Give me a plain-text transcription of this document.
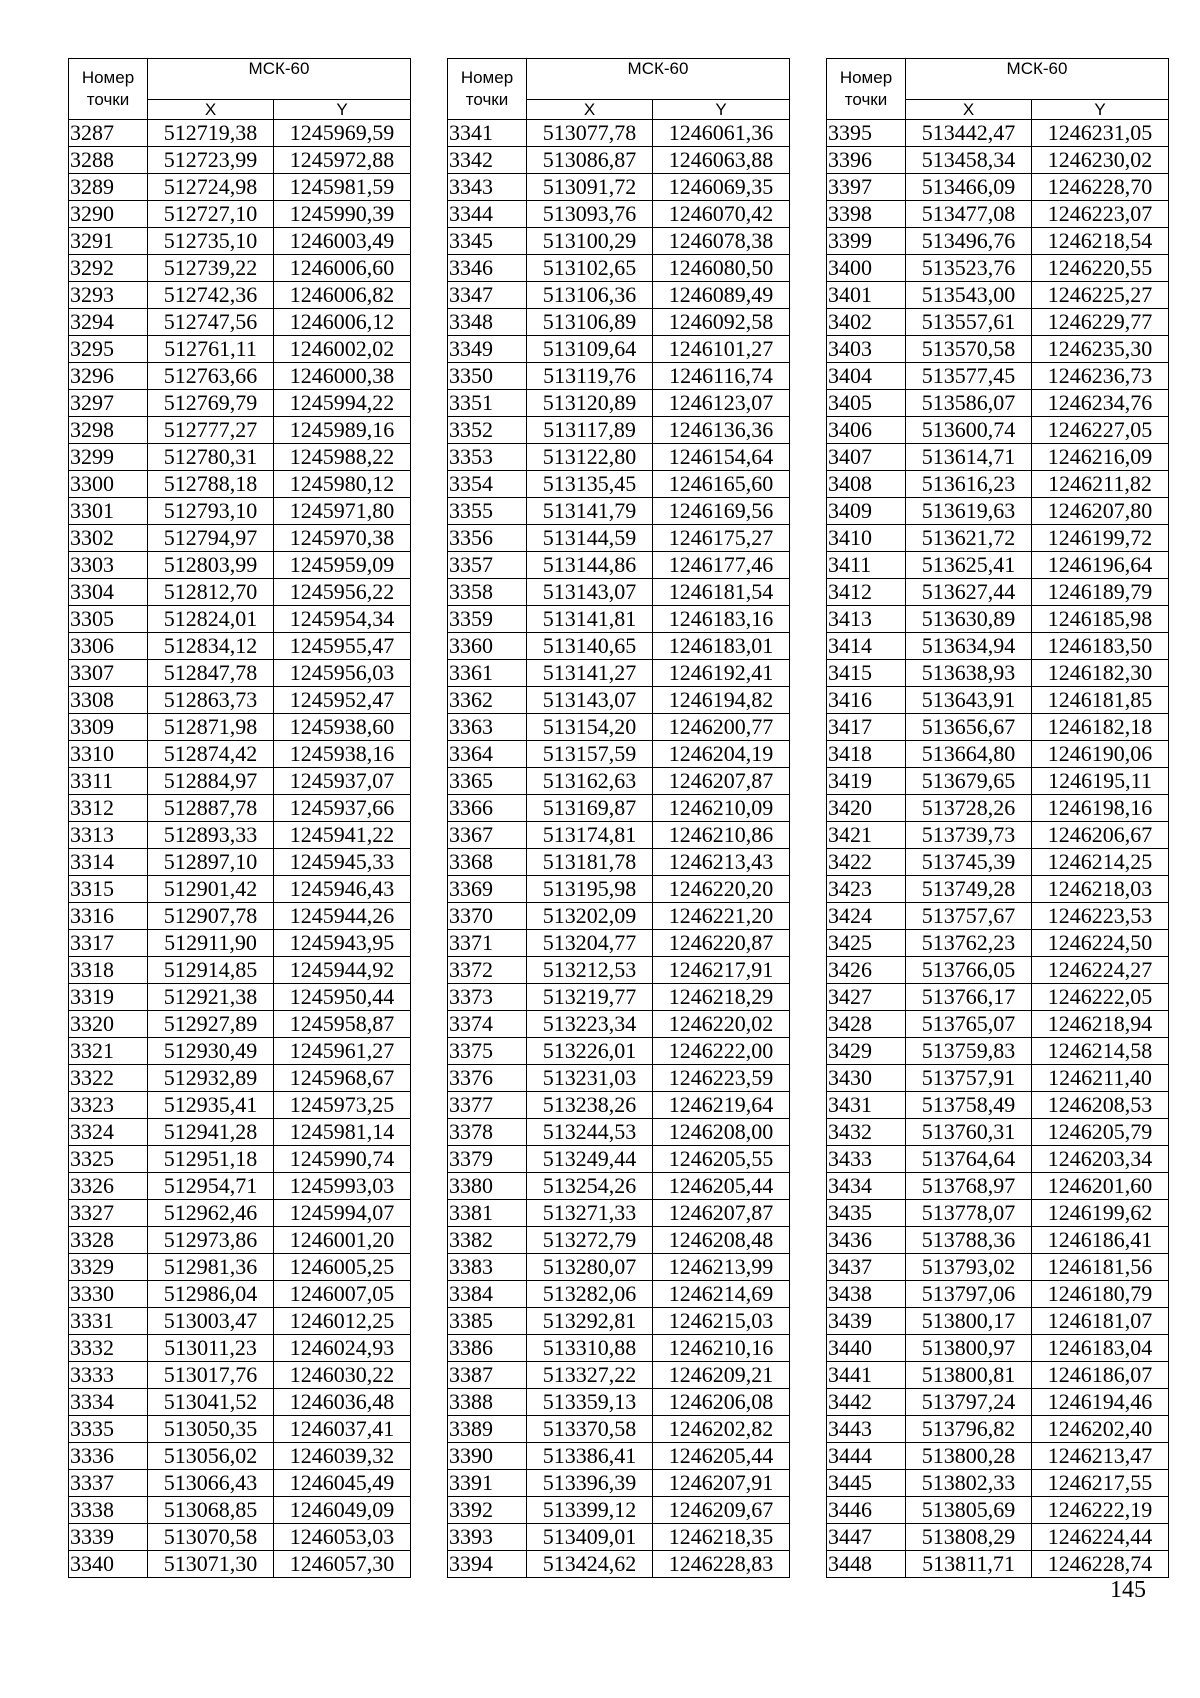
Номер
точки	МСК-60	
	X	Y
3287	512719,38	1245969,59
3288	512723,99	1245972,88
3289	512724,98	1245981,59
3290	512727,10	1245990,39
3291	512735,10	1246003,49
3292	512739,22	1246006,60
3293	512742,36	1246006,82
3294	512747,56	1246006,12
3295	512761,11	1246002,02
3296	512763,66	1246000,38
3297	512769,79	1245994,22
3298	512777,27	1245989,16
3299	512780,31	1245988,22
3300	512788,18	1245980,12
3301	512793,10	1245971,80
3302	512794,97	1245970,38
3303	512803,99	1245959,09
3304	512812,70	1245956,22
3305	512824,01	1245954,34
3306	512834,12	1245955,47
3307	512847,78	1245956,03
3308	512863,73	1245952,47
3309	512871,98	1245938,60
3310	512874,42	1245938,16
3311	512884,97	1245937,07
3312	512887,78	1245937,66
3313	512893,33	1245941,22
3314	512897,10	1245945,33
3315	512901,42	1245946,43
3316	512907,78	1245944,26
3317	512911,90	1245943,95
3318	512914,85	1245944,92
3319	512921,38	1245950,44
3320	512927,89	1245958,87
3321	512930,49	1245961,27
3322	512932,89	1245968,67
3323	512935,41	1245973,25
3324	512941,28	1245981,14
3325	512951,18	1245990,74
3326	512954,71	1245993,03
3327	512962,46	1245994,07
3328	512973,86	1246001,20
3329	512981,36	1246005,25
3330	512986,04	1246007,05
3331	513003,47	1246012,25
3332	513011,23	1246024,93
3333	513017,76	1246030,22
3334	513041,52	1246036,48
3335	513050,35	1246037,41
3336	513056,02	1246039,32
3337	513066,43	1246045,49
3338	513068,85	1246049,09
3339	513070,58	1246053,03
3340	513071,30	1246057,30
Номер
точки	МСК-60	
	X	Y
3341	513077,78	1246061,36
3342	513086,87	1246063,88
3343	513091,72	1246069,35
3344	513093,76	1246070,42
3345	513100,29	1246078,38
3346	513102,65	1246080,50
3347	513106,36	1246089,49
3348	513106,89	1246092,58
3349	513109,64	1246101,27
3350	513119,76	1246116,74
3351	513120,89	1246123,07
3352	513117,89	1246136,36
3353	513122,80	1246154,64
3354	513135,45	1246165,60
3355	513141,79	1246169,56
3356	513144,59	1246175,27
3357	513144,86	1246177,46
3358	513143,07	1246181,54
3359	513141,81	1246183,16
3360	513140,65	1246183,01
3361	513141,27	1246192,41
3362	513143,07	1246194,82
3363	513154,20	1246200,77
3364	513157,59	1246204,19
3365	513162,63	1246207,87
3366	513169,87	1246210,09
3367	513174,81	1246210,86
3368	513181,78	1246213,43
3369	513195,98	1246220,20
3370	513202,09	1246221,20
3371	513204,77	1246220,87
3372	513212,53	1246217,91
3373	513219,77	1246218,29
3374	513223,34	1246220,02
3375	513226,01	1246222,00
3376	513231,03	1246223,59
3377	513238,26	1246219,64
3378	513244,53	1246208,00
3379	513249,44	1246205,55
3380	513254,26	1246205,44
3381	513271,33	1246207,87
3382	513272,79	1246208,48
3383	513280,07	1246213,99
3384	513282,06	1246214,69
3385	513292,81	1246215,03
3386	513310,88	1246210,16
3387	513327,22	1246209,21
3388	513359,13	1246206,08
3389	513370,58	1246202,82
3390	513386,41	1246205,44
3391	513396,39	1246207,91
3392	513399,12	1246209,67
3393	513409,01	1246218,35
3394	513424,62	1246228,83
Номер
точки	МСК-60	
	X	Y
3395	513442,47	1246231,05
3396	513458,34	1246230,02
3397	513466,09	1246228,70
3398	513477,08	1246223,07
3399	513496,76	1246218,54
3400	513523,76	1246220,55
3401	513543,00	1246225,27
3402	513557,61	1246229,77
3403	513570,58	1246235,30
3404	513577,45	1246236,73
3405	513586,07	1246234,76
3406	513600,74	1246227,05
3407	513614,71	1246216,09
3408	513616,23	1246211,82
3409	513619,63	1246207,80
3410	513621,72	1246199,72
3411	513625,41	1246196,64
3412	513627,44	1246189,79
3413	513630,89	1246185,98
3414	513634,94	1246183,50
3415	513638,93	1246182,30
3416	513643,91	1246181,85
3417	513656,67	1246182,18
3418	513664,80	1246190,06
3419	513679,65	1246195,11
3420	513728,26	1246198,16
3421	513739,73	1246206,67
3422	513745,39	1246214,25
3423	513749,28	1246218,03
3424	513757,67	1246223,53
3425	513762,23	1246224,50
3426	513766,05	1246224,27
3427	513766,17	1246222,05
3428	513765,07	1246218,94
3429	513759,83	1246214,58
3430	513757,91	1246211,40
3431	513758,49	1246208,53
3432	513760,31	1246205,79
3433	513764,64	1246203,34
3434	513768,97	1246201,60
3435	513778,07	1246199,62
3436	513788,36	1246186,41
3437	513793,02	1246181,56
3438	513797,06	1246180,79
3439	513800,17	1246181,07
3440	513800,97	1246183,04
3441	513800,81	1246186,07
3442	513797,24	1246194,46
3443	513796,82	1246202,40
3444	513800,28	1246213,47
3445	513802,33	1246217,55
3446	513805,69	1246222,19
3447	513808,29	1246224,44
3448	513811,71	1246228,74
145
